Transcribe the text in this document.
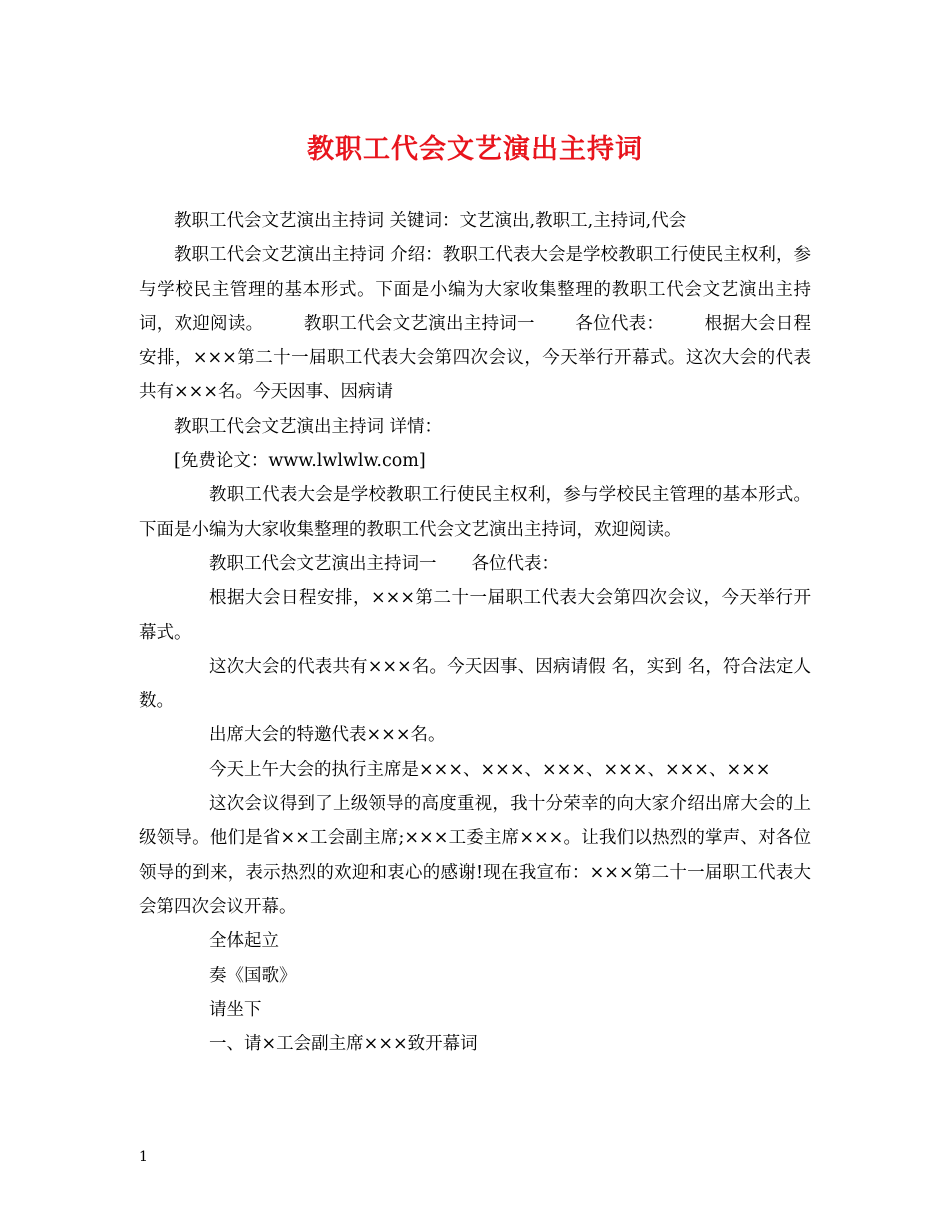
教职工代会文艺演出主持词

教职工代会文艺演出主持词 关键词：文艺演出,教职工,主持词,代会

教职工代会文艺演出主持词 介绍：教职工代表大会是学校教职工行使民主权利，参与学校民主管理的基本形式。下面是小编为大家收集整理的教职工代会文艺演出主持词，欢迎阅读。 教职工代会文艺演出主持词一 各位代表： 根据大会日程安排，×××第二十一届职工代表大会第四次会议，今天举行开幕式。这次大会的代表共有×××名。今天因事、因病请

教职工代会文艺演出主持词 详情：

[免费论文：www.lwlwlw.com]

教职工代表大会是学校教职工行使民主权利，参与学校民主管理的基本形式。下面是小编为大家收集整理的教职工代会文艺演出主持词，欢迎阅读。

教职工代会文艺演出主持词一　　各位代表：

根据大会日程安排，×××第二十一届职工代表大会第四次会议，今天举行开幕式。

这次大会的代表共有×××名。今天因事、因病请假 名，实到 名，符合法定人数。

出席大会的特邀代表×××名。

今天上午大会的执行主席是×××、×××、×××、×××、×××、×××

这次会议得到了上级领导的高度重视，我十分荣幸的向大家介绍出席大会的上级领导。他们是省××工会副主席;×××工委主席×××。让我们以热烈的掌声、对各位领导的到来，表示热烈的欢迎和衷心的感谢!现在我宣布：×××第二十一届职工代表大会第四次会议开幕。

全体起立

奏《国歌》

请坐下

一、请×工会副主席×××致开幕词

1
